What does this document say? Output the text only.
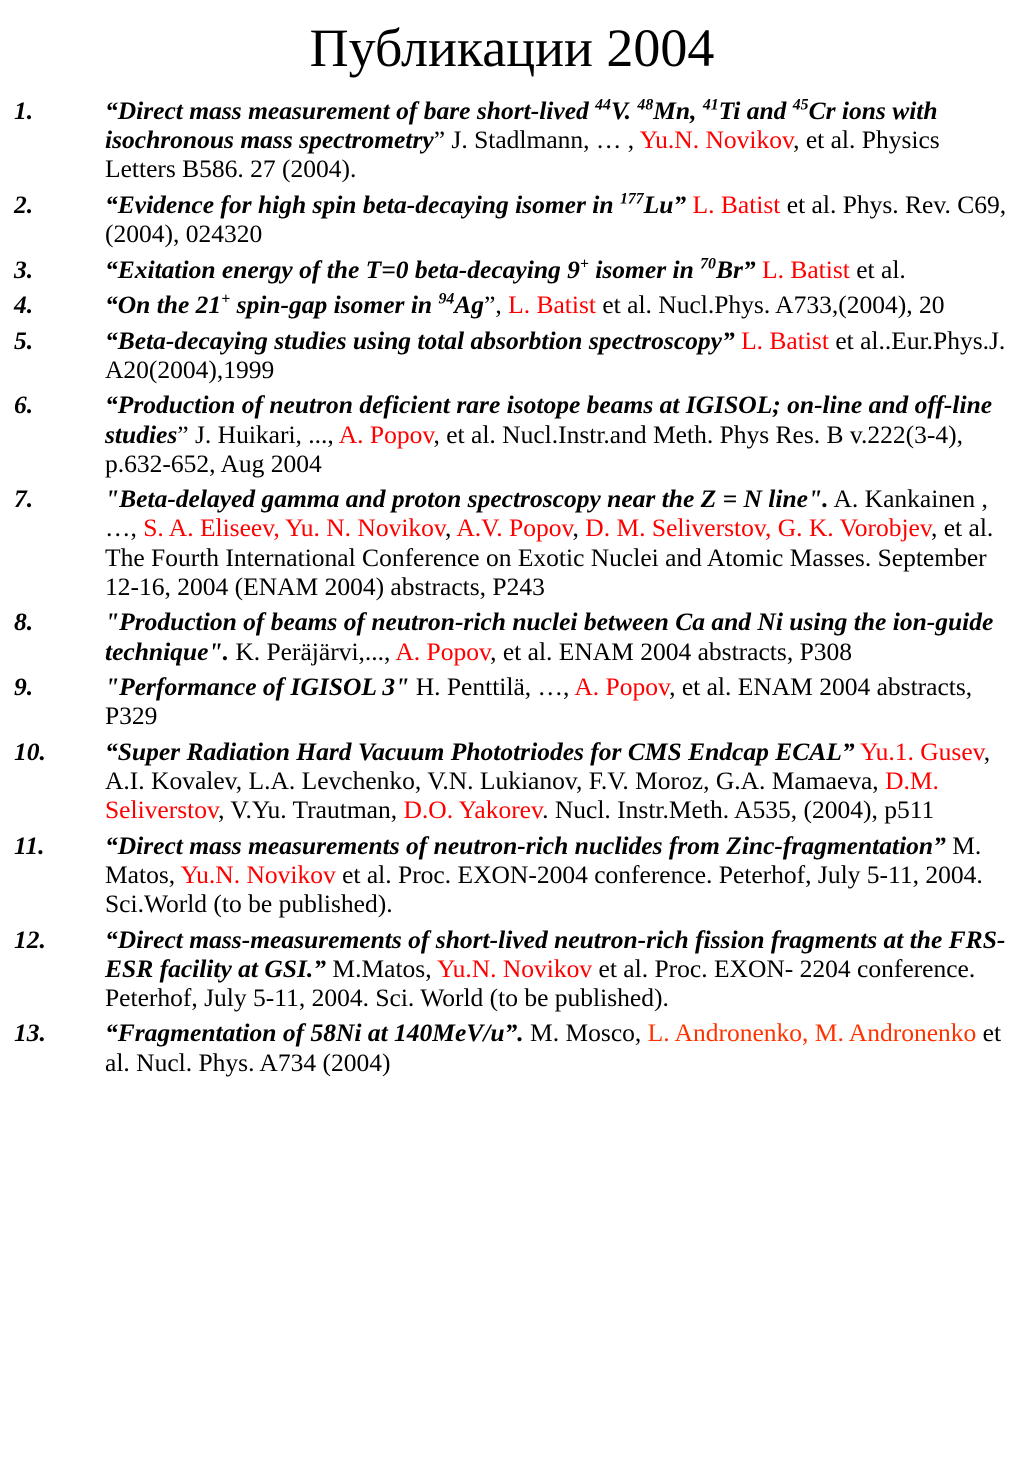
Публикации 2004
1.	“Direct mass measurement of bare short-lived $^{44}$V. $^{48}$Mn, $^{41}$Ti and $^{45}$Cr ions with isochronous mass spectrometry” J. Stadlmann, … , Yu.N. Novikov, et al. Physics Letters B586. 27 (2004).
2.	“Evidence for high spin beta-decaying isomer in $^{177}$Lu” L. Batist et al. Phys. Rev. C69, (2004), 024320
3.	“Exitation energy of the T=0 beta-decaying 9+ isomer in $^{70}$Br” L. Batist et al.
4.	“On the 21+ spin-gap isomer in $^{94}$Ag”, L. Batist et al. Nucl.Phys. A733,(2004), 20
5.	“Beta-decaying studies using total absorbtion spectroscopy” L. Batist et al..Eur.Phys.J. A20(2004),1999
6.	“Production of neutron deficient rare isotope beams at IGISOL; on-line and off-line studies” J. Huikari, ..., A. Popov, et al. Nucl.Instr.and Meth. Phys Res. B v.222(3-4), p.632-652, Aug 2004
7.	"Beta-delayed gamma and proton spectroscopy near the Z = N line". A. Kankainen , …, S. A. Eliseev, Yu. N. Novikov, A.V. Popov, D. M. Seliverstov, G. K. Vorobjev, et al. The Fourth International Conference on Exotic Nuclei and Atomic Masses. September 12-16, 2004 (ENAM 2004) abstracts, P243
8.	"Production of beams of neutron-rich nuclei between Ca and Ni using the ion-guide technique". K. Peräjärvi,..., A. Popov, et al. ENAM 2004 abstracts, P308
9.	"Performance of IGISOL 3" H. Penttilä, …, A. Popov, et al. ENAM 2004 abstracts, P329
10. “Super Radiation Hard Vacuum Phototriodes for CMS Endcap ECAL” Yu.1. Gusev, A.I. Kovalev, L.A. Levchenko, V.N. Lukianov, F.V. Moroz, G.A. Mamaeva, D.M. Seliverstov, V.Yu. Trautman, D.O. Yakorev. Nucl. Instr.Meth. A535, (2004), p511
11. “Direct mass measurements of neutron-rich nuclides from Zinc-fragmentation” M. Matos, Yu.N. Novikov et al. Proc. EXON-2004 conference. Peterhof, July 5-11, 2004. Sci.World (to be published).
12. “Direct mass-measurements of short-lived neutron-rich fission fragments at the FRS-ESR facility at GSI.” M.Matos, Yu.N. Novikov et al. Proc. EXON- 2204 conference. Peterhof, July 5-11, 2004. Sci. World (to be published).
13. “Fragmentation of 58Ni at 140MeV/u”. M. Mosco, L. Andronenko, M. Andronenko et al. Nucl. Phys. A734 (2004)
